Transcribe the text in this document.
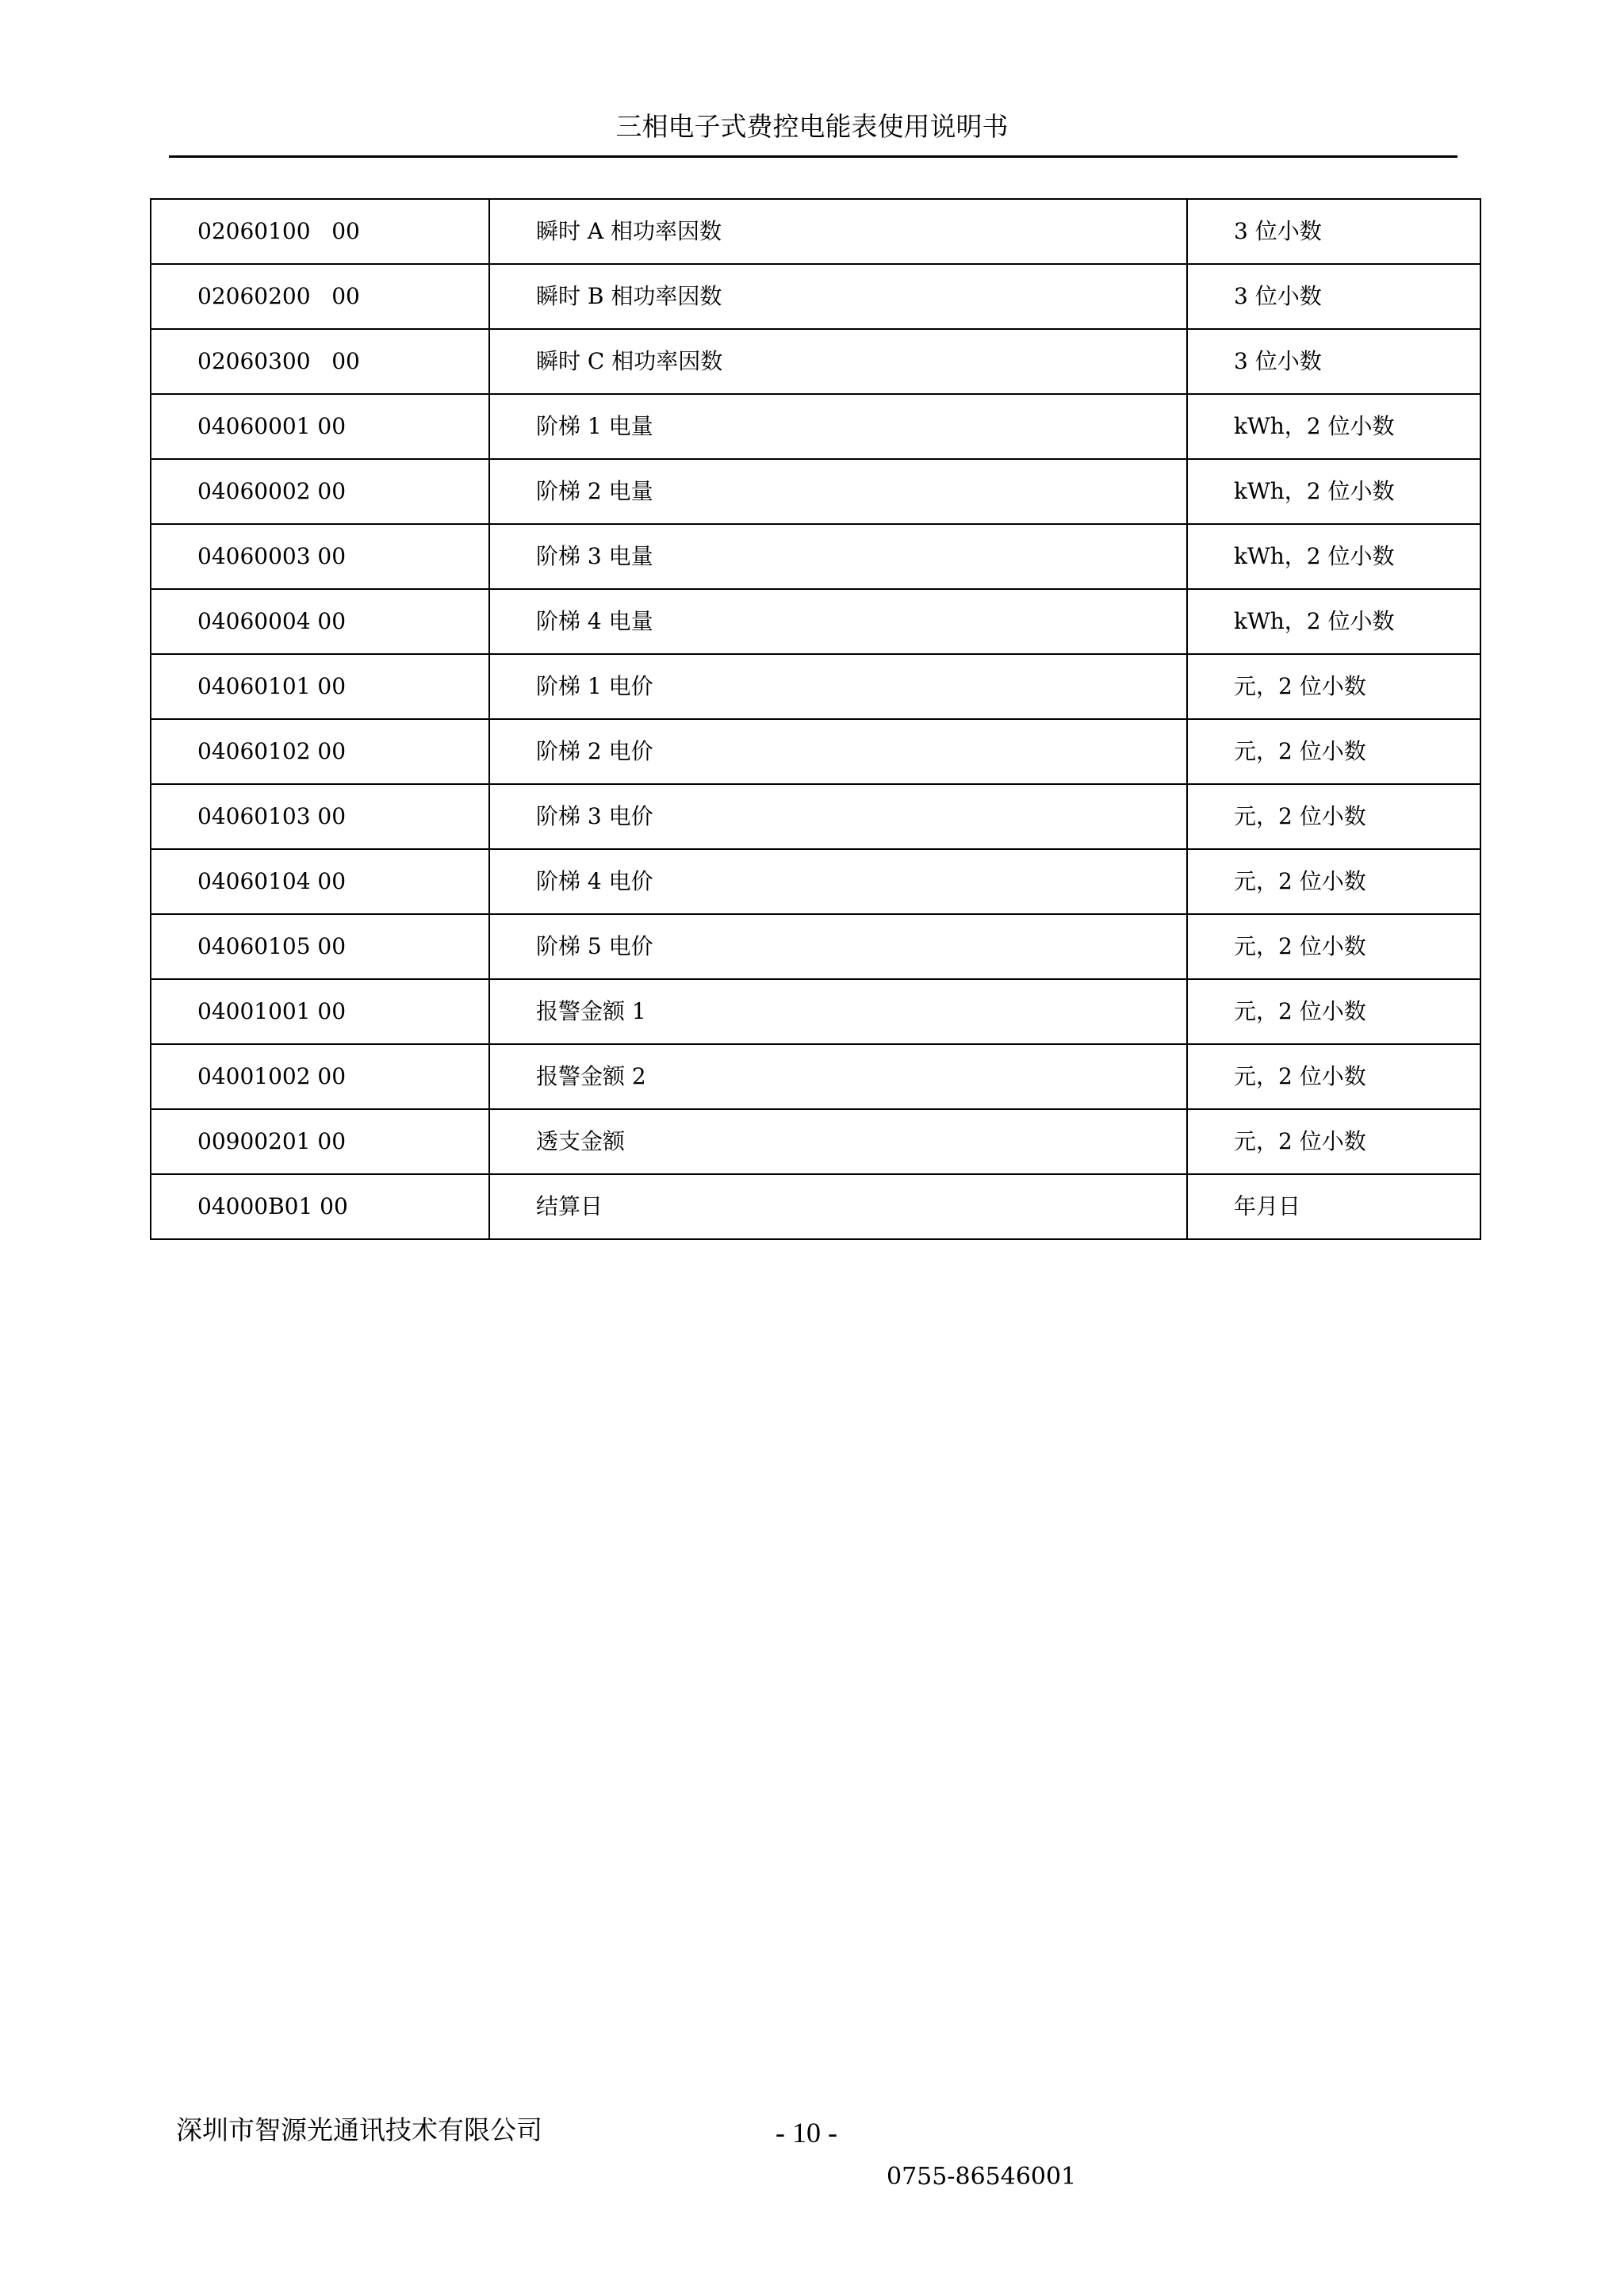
三相电子式费控电能表使用说明书
02060100   00	瞬时 A 相功率因数	3 位小数
02060200   00	瞬时 B 相功率因数	3 位小数
02060300   00	瞬时 C 相功率因数	3 位小数
04060001 00	阶梯 1 电量	kWh，2 位小数
04060002 00	阶梯 2 电量	kWh，2 位小数
04060003 00	阶梯 3 电量	kWh，2 位小数
04060004 00	阶梯 4 电量	kWh，2 位小数
04060101 00	阶梯 1 电价	元，2 位小数
04060102 00	阶梯 2 电价	元，2 位小数
04060103 00	阶梯 3 电价	元，2 位小数
04060104 00	阶梯 4 电价	元，2 位小数
04060105 00	阶梯 5 电价	元，2 位小数
04001001 00	报警金额 1	元，2 位小数
04001002 00	报警金额 2	元，2 位小数
00900201 00	透支金额	元，2 位小数
04000B01 00	结算日	年月日
深圳市智源光通讯技术有限公司	- 10 -
0755-86546001
